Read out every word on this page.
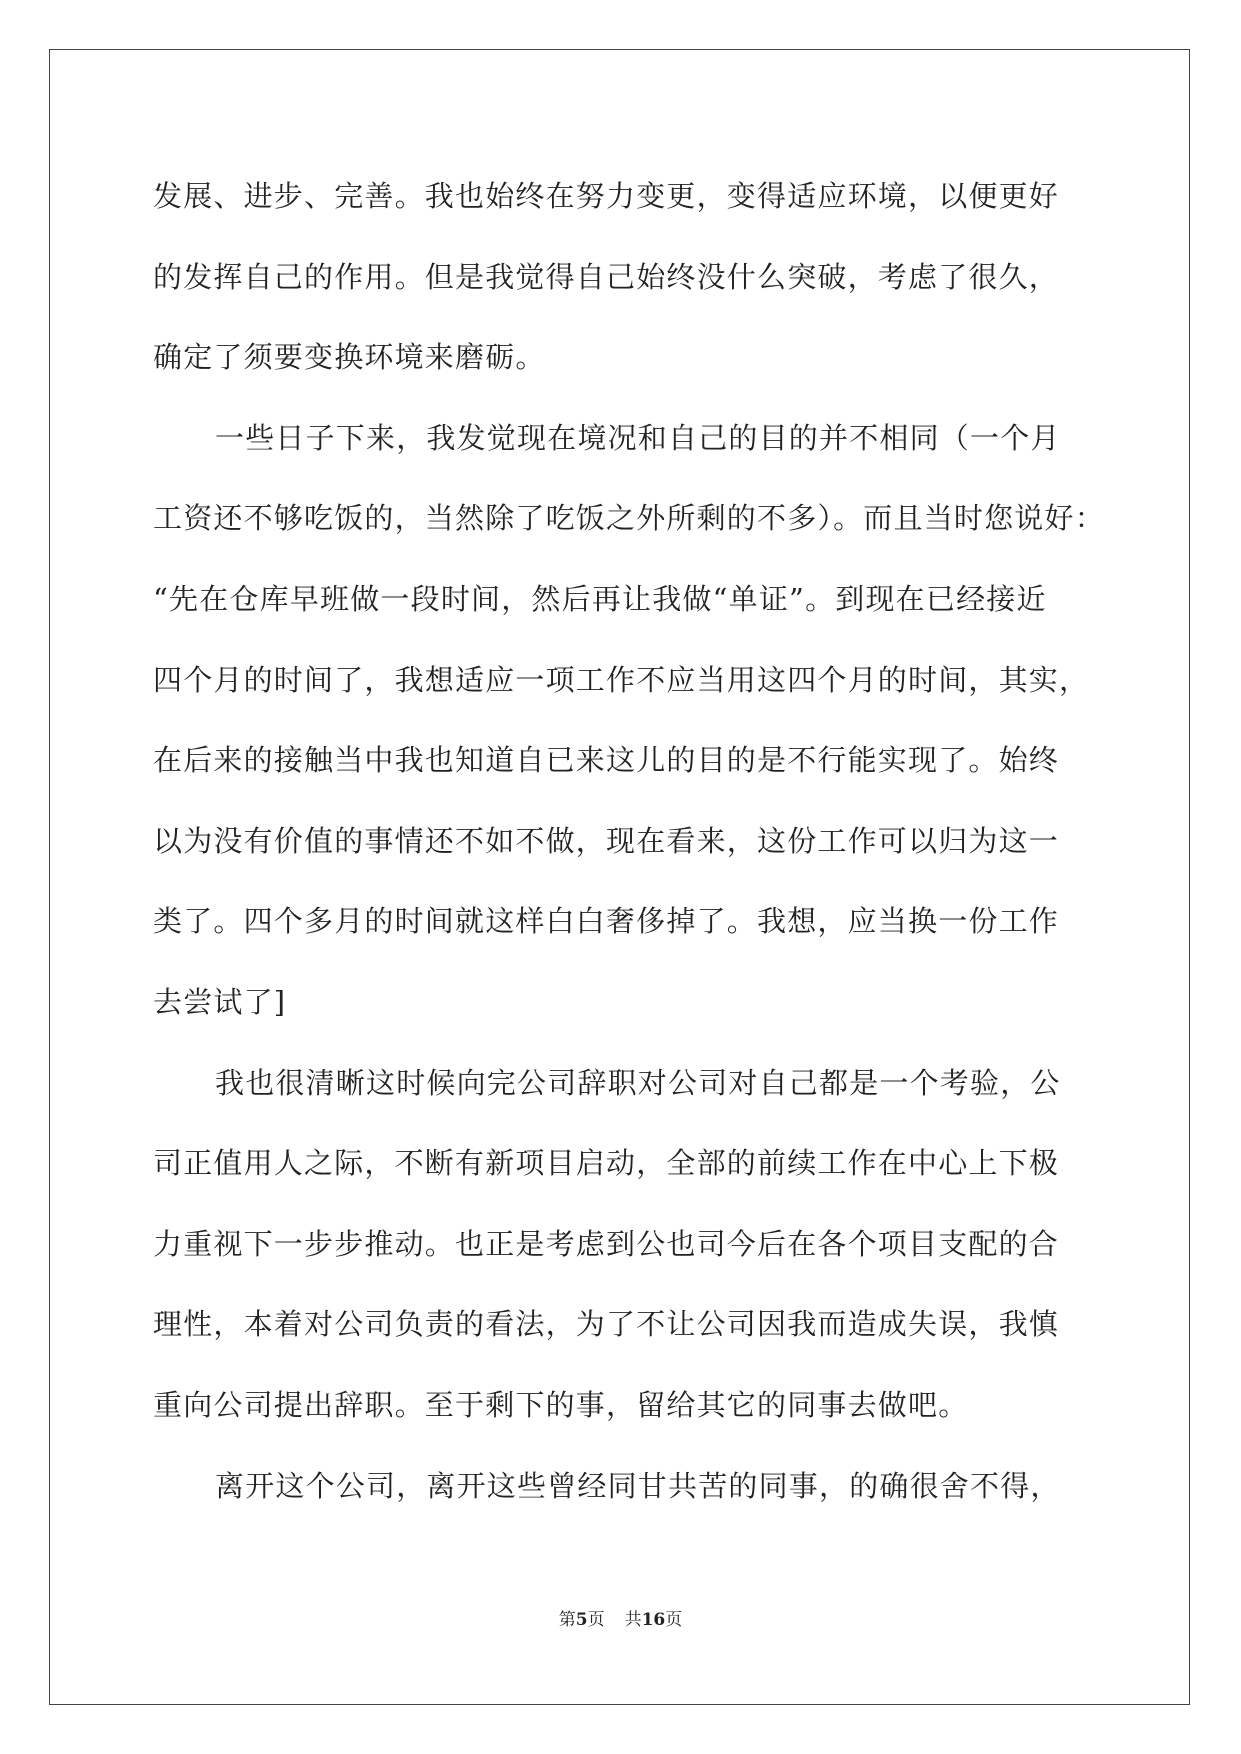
发展、进步、完善。我也始终在努力变更，变得适应环境，以便更好
的发挥自己的作用。但是我觉得自己始终没什么突破，考虑了很久，
确定了须要变换环境来磨砺。
一些日子下来，我发觉现在境况和自己的目的并不相同（一个月
工资还不够吃饭的，当然除了吃饭之外所剩的不多）。而且当时您说好：
“先在仓库早班做一段时间，然后再让我做“单证”。到现在已经接近
四个月的时间了，我想适应一项工作不应当用这四个月的时间，其实，
在后来的接触当中我也知道自已来这儿的目的是不行能实现了。始终
以为没有价值的事情还不如不做，现在看来，这份工作可以归为这一
类了。四个多月的时间就这样白白奢侈掉了。我想，应当换一份工作
去尝试了]
我也很清晰这时候向完公司辞职对公司对自己都是一个考验，公
司正值用人之际，不断有新项目启动，全部的前续工作在中心上下极
力重视下一步步推动。也正是考虑到公也司今后在各个项目支配的合
理性，本着对公司负责的看法，为了不让公司因我而造成失误，我慎
重向公司提出辞职。至于剩下的事，留给其它的同事去做吧。
离开这个公司，离开这些曾经同甘共苦的同事，的确很舍不得，
第5页 共16页
